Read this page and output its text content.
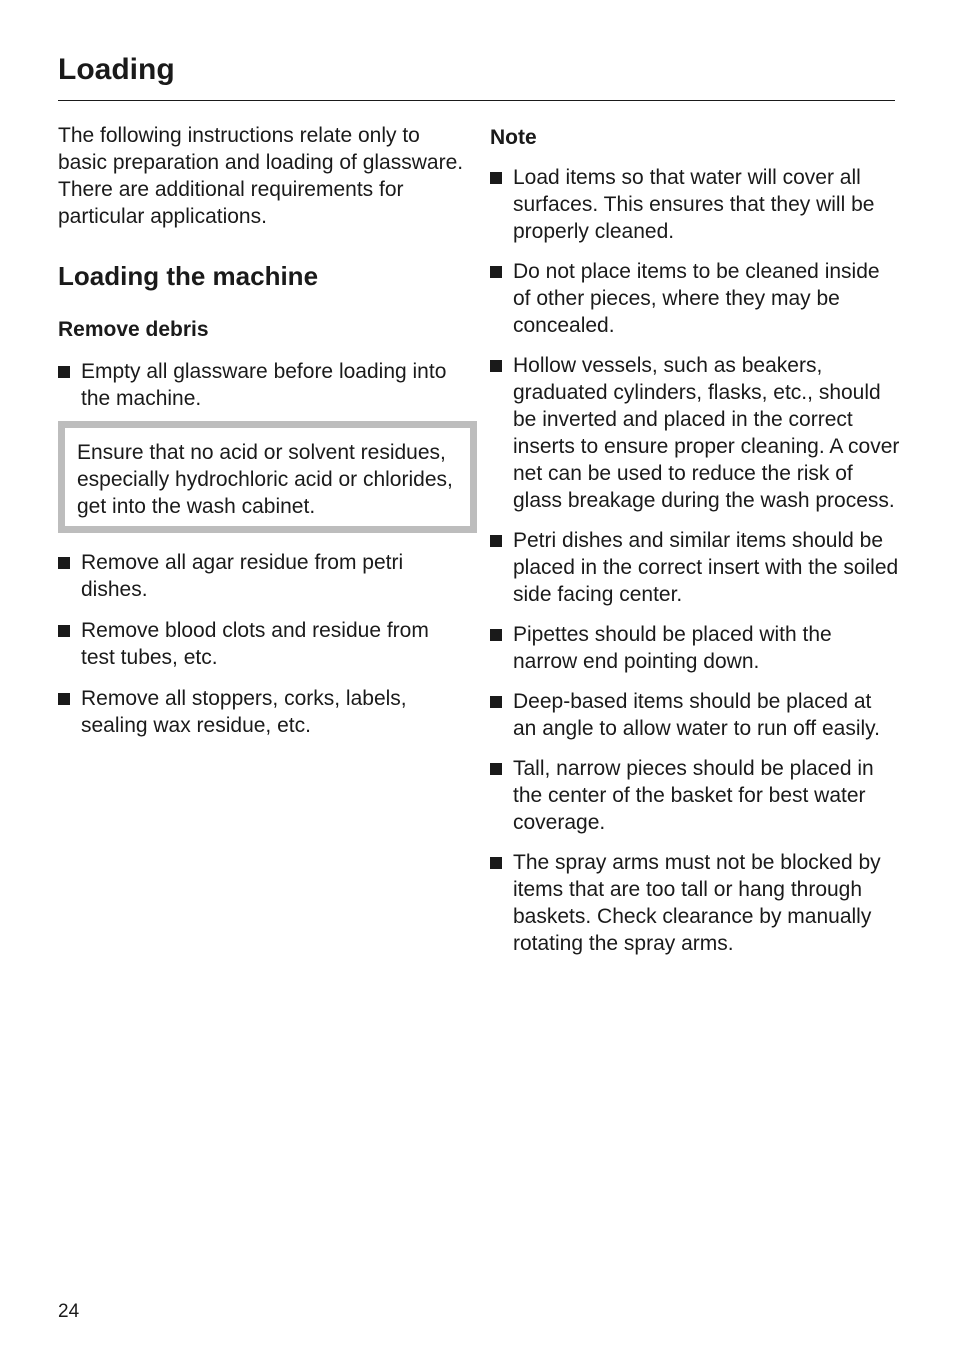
Loading

The following instructions relate only to basic preparation and loading of glassware. There are additional requirements for particular applications.

Loading the machine
Remove debris
Empty all glassware before loading into the machine.

Ensure that no acid or solvent residues, especially hydrochloric acid or chlorides, get into the wash cabinet.

Remove all agar residue from petri dishes.
Remove blood clots and residue from test tubes, etc.
Remove all stoppers, corks, labels, sealing wax residue, etc.
Note
Load items so that water will cover all surfaces. This ensures that they will be properly cleaned.
Do not place items to be cleaned inside of other pieces, where they may be concealed.
Hollow vessels, such as beakers, graduated cylinders, flasks, etc., should be inverted and placed in the correct inserts to ensure proper cleaning. A cover net can be used to reduce the risk of glass breakage during the wash process.
Petri dishes and similar items should be placed in the correct insert with the soiled side facing center.
Pipettes should be placed with the narrow end pointing down.
Deep-based items should be placed at an angle to allow water to run off easily.
Tall, narrow pieces should be placed in the center of the basket for best water coverage.
The spray arms must not be blocked by items that are too tall or hang through baskets. Check clearance by manually rotating the spray arms.
24
